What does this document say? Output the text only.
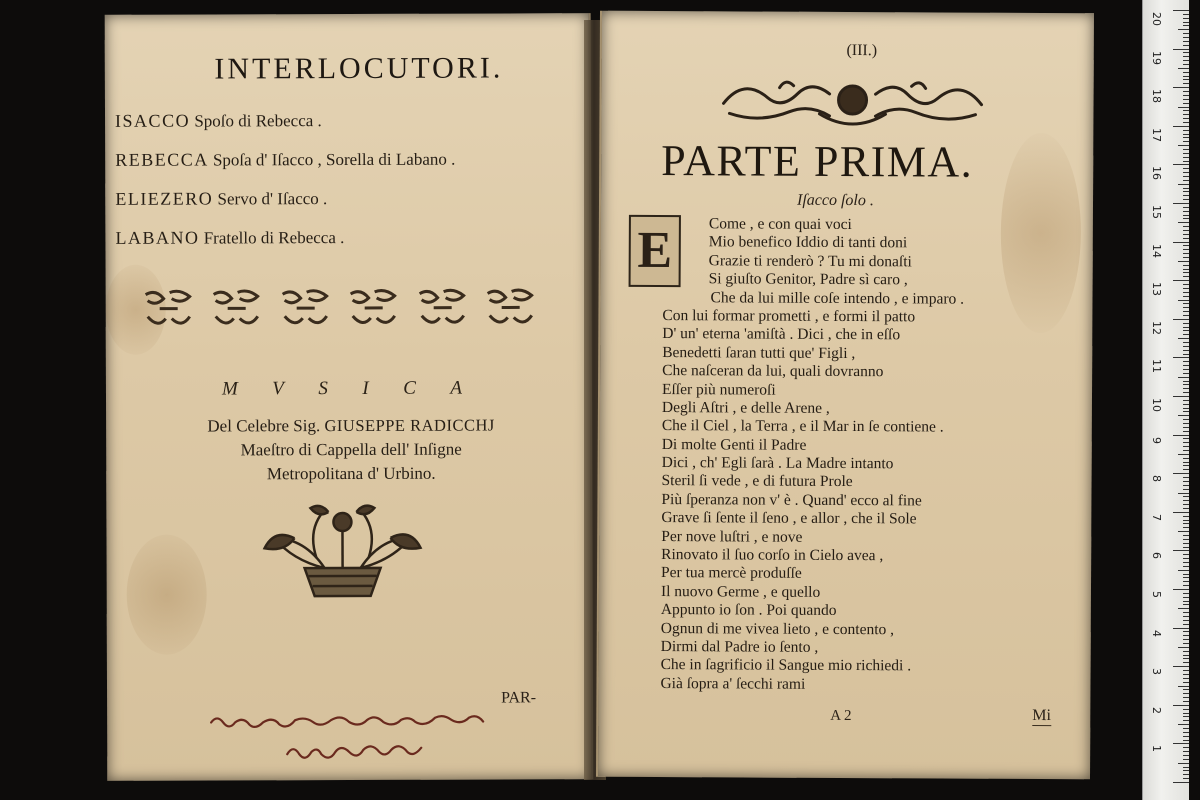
INTERLOCUTORI.
ISACCO Spoſo di Rebecca .
REBECCA Spoſa d' Iſacco , Sorella di Labano .
ELIEZERO Servo d' Iſacco .
LABANO Fratello di Rebecca .
M V S I C A
Del Celebre Sig. GIUSEPPE RADICCHJ
Maeſtro di Cappella dell' Inſigne
Metropolitana d' Urbino.
PAR-
(III.)
PARTE PRIMA.
Iſacco ſolo .
E	Come , e con quai voci
Mio benefico Iddio di tanti doni
Grazie ti renderò ? Tu mi donaſti
Si giuſto Genitor, Padre sì caro ,
Che da lui mille coſe intendo , e imparo .
Con lui formar prometti , e formi il patto
D' un' eterna 'amiſtà . Dici , che in eſſo
Benedetti ſaran tutti que' Figli ,
Che naſceran da lui, quali dovranno
Eſſer più numeroſi
Degli Aſtri , e delle Arene ,
Che il Ciel , la Terra , e il Mar in ſe contiene .
Di molte Genti il Padre
Dici , ch' Egli ſarà . La Madre intanto
Steril ſi vede , e di futura Prole
Più ſperanza non v' è . Quand' ecco al fine
Grave ſi ſente il ſeno , e allor , che il Sole
Per nove luſtri , e nove
Rinovato il ſuo corſo in Cielo avea ,
Per tua mercè produſſe
Il nuovo Germe , e quello
Appunto io ſon . Poi quando
Ognun di me vivea lieto , e contento ,
Dirmi dal Padre io ſento ,
Che in ſagrificio il Sangue mio richiedi .
Già ſopra a' ſecchi rami
A 2	Mi
20
19
18
17
16
15
14
13
12
11
10
9
8
7
6
5
4
3
2
1
